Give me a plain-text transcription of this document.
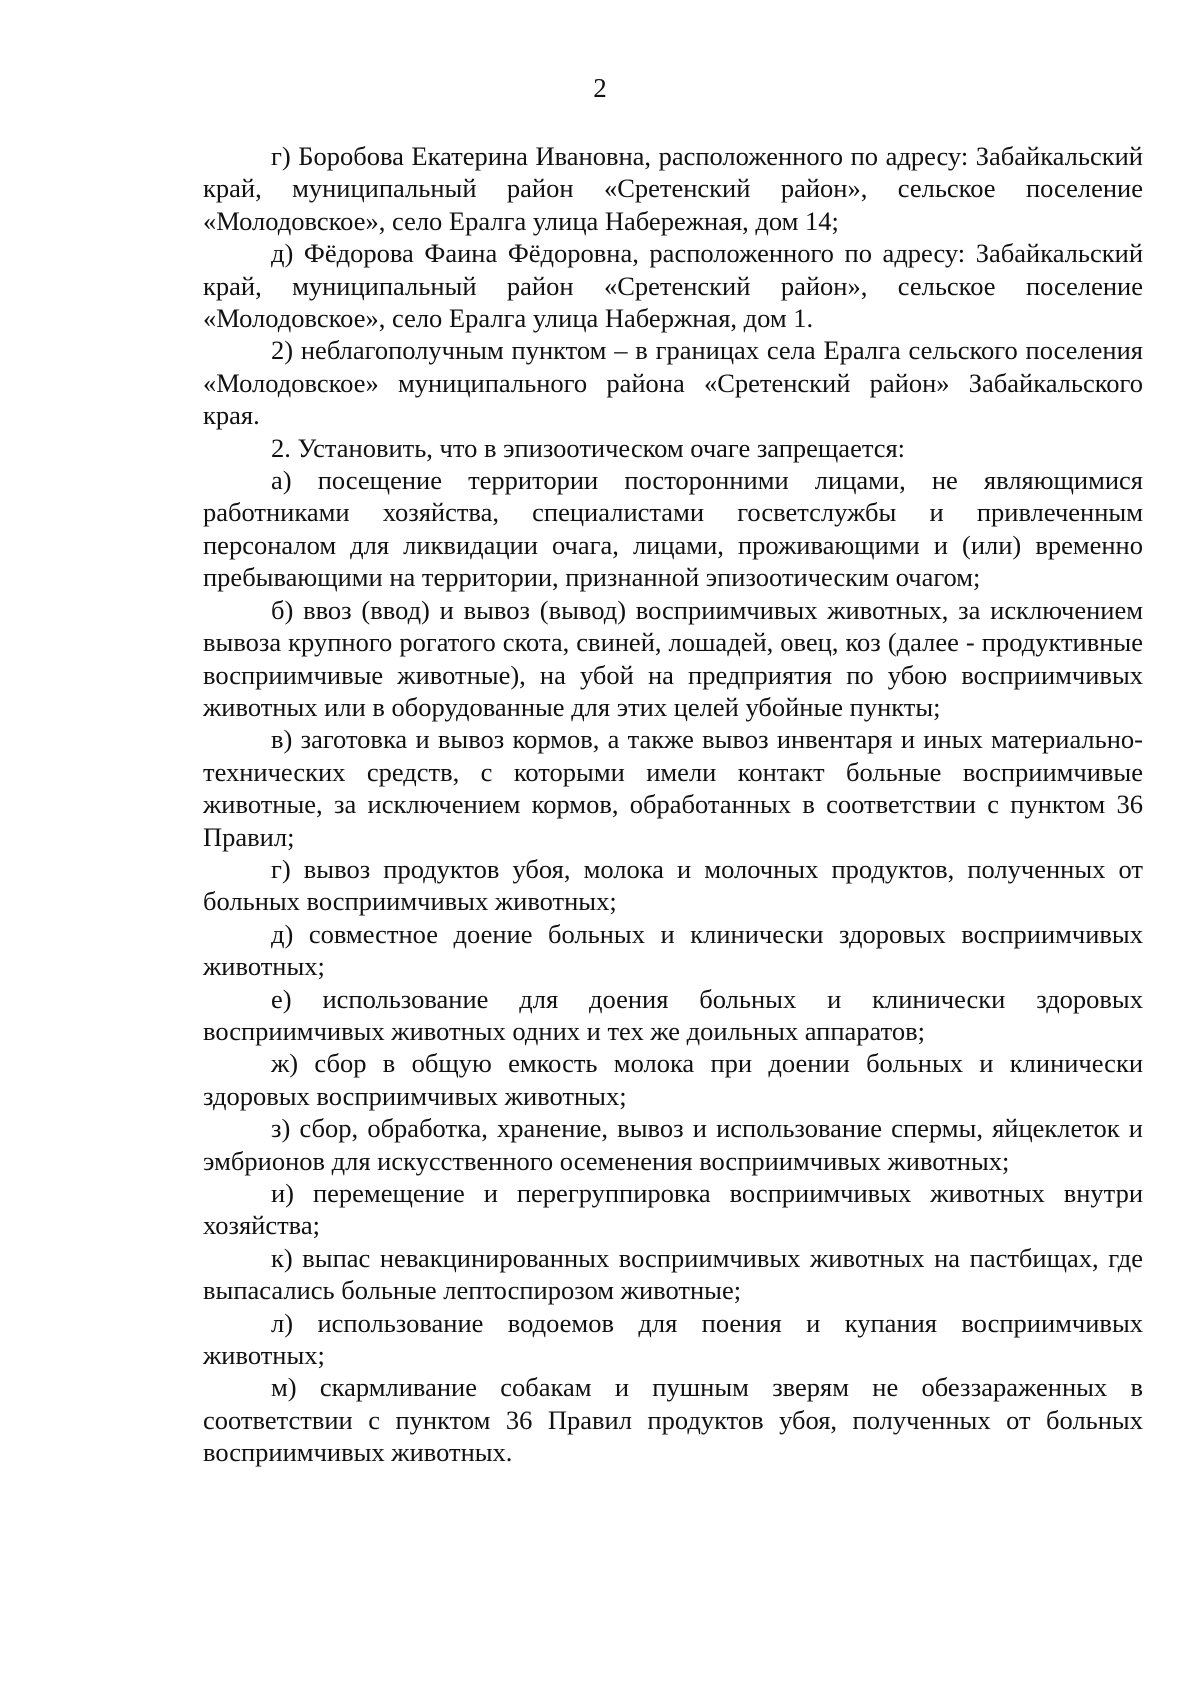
2

г) Боробова Екатерина Ивановна, расположенного по адресу: Забайкальский край, муниципальный район «Сретенский район», сельское поселение «Молодовское», село Ералга улица Набережная, дом 14;

д) Фёдорова Фаина Фёдоровна, расположенного по адресу: Забайкальский край, муниципальный район «Сретенский район», сельское поселение «Молодовское», село Ералга улица Набержная, дом 1.

2) неблагополучным пунктом – в границах села Ералга сельского поселения «Молодовское» муниципального района «Сретенский район» Забайкальского края.

2. Установить, что в эпизоотическом очаге запрещается:

а) посещение территории посторонними лицами, не являющимися работниками хозяйства, специалистами госветслужбы и привлеченным персоналом для ликвидации очага, лицами, проживающими и (или) временно пребывающими на территории, признанной эпизоотическим очагом;

б) ввоз (ввод) и вывоз (вывод) восприимчивых животных, за исключением вывоза крупного рогатого скота, свиней, лошадей, овец, коз (далее - продуктивные восприимчивые животные), на убой на предприятия по убою восприимчивых животных или в оборудованные для этих целей убойные пункты;

в) заготовка и вывоз кормов, а также вывоз инвентаря и иных материально-технических средств, с которыми имели контакт больные восприимчивые животные, за исключением кормов, обработанных в соответствии с пунктом 36 Правил;

г) вывоз продуктов убоя, молока и молочных продуктов, полученных от больных восприимчивых животных;

д) совместное доение больных и клинически здоровых восприимчивых животных;

е) использование для доения больных и клинически здоровых восприимчивых животных одних и тех же доильных аппаратов;

ж) сбор в общую емкость молока при доении больных и клинически здоровых восприимчивых животных;

з) сбор, обработка, хранение, вывоз и использование спермы, яйцеклеток и эмбрионов для искусственного осеменения восприимчивых животных;

и) перемещение и перегруппировка восприимчивых животных внутри хозяйства;

к) выпас невакцинированных восприимчивых животных на пастбищах, где выпасались больные лептоспирозом животные;

л) использование водоемов для поения и купания восприимчивых животных;

м) скармливание собакам и пушным зверям не обеззараженных в соответствии с пунктом 36 Правил продуктов убоя, полученных от больных восприимчивых животных.
